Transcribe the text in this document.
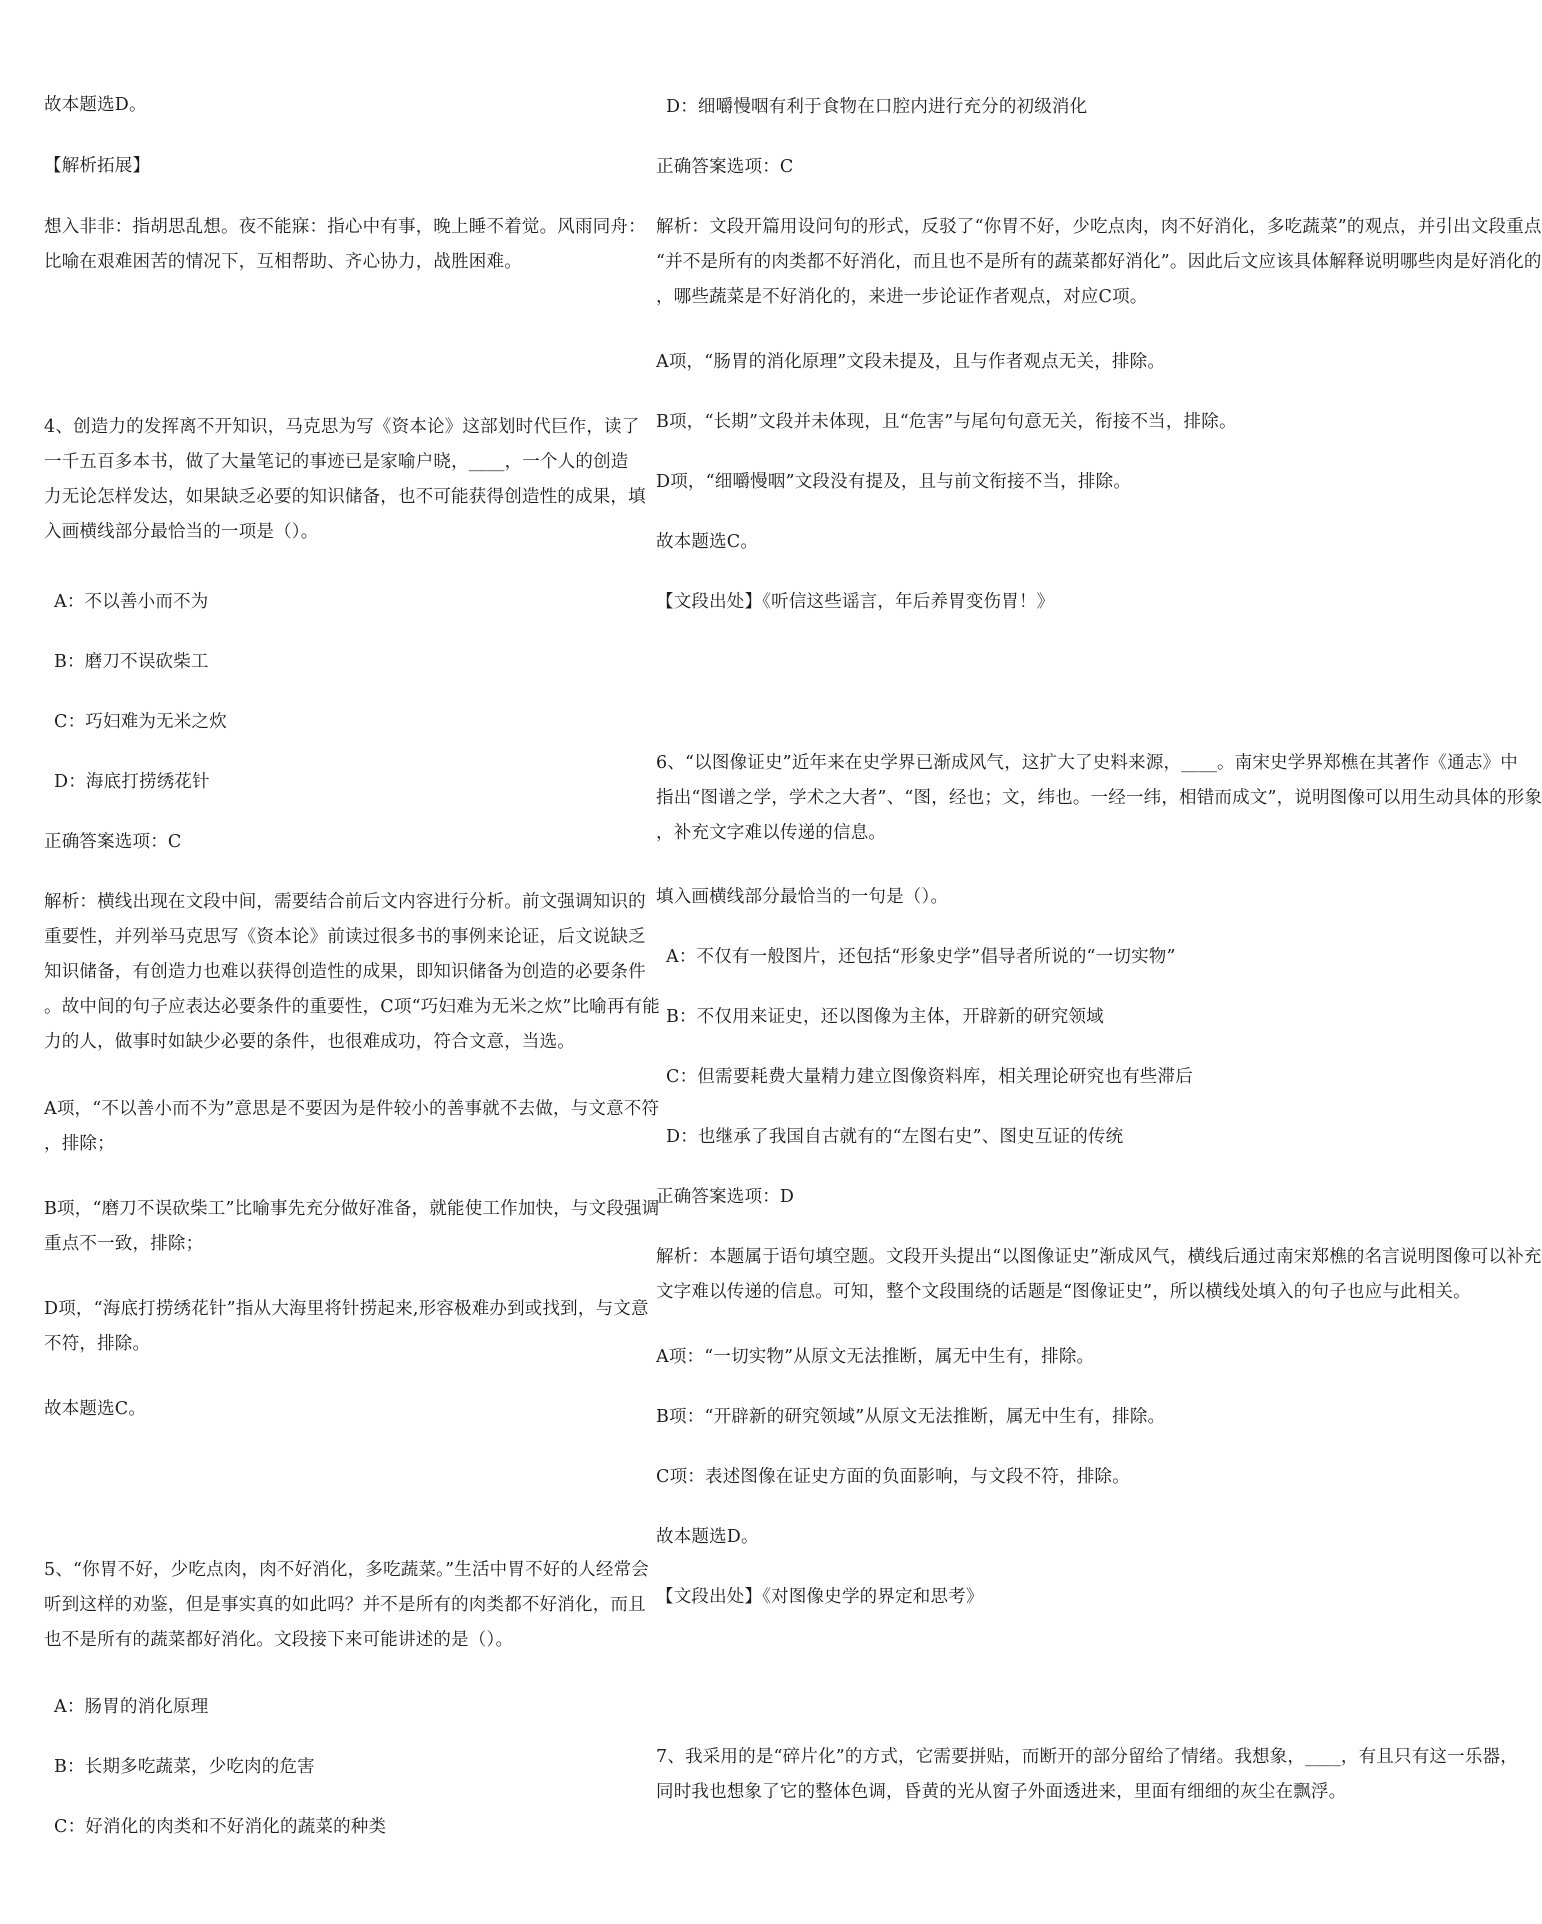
故本题选D。

【解析拓展】

想入非非：指胡思乱想。夜不能寐：指心中有事，晚上睡不着觉。风雨同舟：
比喻在艰难困苦的情况下，互相帮助、齐心协力，战胜困难。

4、创造力的发挥离不开知识，马克思为写《资本论》这部划时代巨作，读了
一千五百多本书，做了大量笔记的事迹已是家喻户晓，____，一个人的创造
力无论怎样发达，如果缺乏必要的知识储备，也不可能获得创造性的成果，填
入画横线部分最恰当的一项是（）。

A：不以善小而不为

B：磨刀不误砍柴工

C：巧妇难为无米之炊

D：海底打捞绣花针

正确答案选项：C

解析：横线出现在文段中间，需要结合前后文内容进行分析。前文强调知识的
重要性，并列举马克思写《资本论》前读过很多书的事例来论证，后文说缺乏
知识储备，有创造力也难以获得创造性的成果，即知识储备为创造的必要条件
。故中间的句子应表达必要条件的重要性，C项“巧妇难为无米之炊”比喻再有能
力的人，做事时如缺少必要的条件，也很难成功，符合文意，当选。

A项，“不以善小而不为”意思是不要因为是件较小的善事就不去做，与文意不符
，排除；

B项，“磨刀不误砍柴工”比喻事先充分做好准备，就能使工作加快，与文段强调
重点不一致，排除；

D项，“海底打捞绣花针”指从大海里将针捞起来,形容极难办到或找到，与文意
不符，排除。

故本题选C。

5、“你胃不好，少吃点肉，肉不好消化，多吃蔬菜。”生活中胃不好的人经常会
听到这样的劝鉴，但是事实真的如此吗？并不是所有的肉类都不好消化，而且
也不是所有的蔬菜都好消化。文段接下来可能讲述的是（）。

A：肠胃的消化原理

B：长期多吃蔬菜，少吃肉的危害

C：好消化的肉类和不好消化的蔬菜的种类

D：细嚼慢咽有利于食物在口腔内进行充分的初级消化

正确答案选项：C

解析：文段开篇用设问句的形式，反驳了“你胃不好，少吃点肉，肉不好消化，多吃蔬菜”的观点，并引出文段重点
“并不是所有的肉类都不好消化，而且也不是所有的蔬菜都好消化”。因此后文应该具体解释说明哪些肉是好消化的
，哪些蔬菜是不好消化的，来进一步论证作者观点，对应C项。

A项，“肠胃的消化原理”文段未提及，且与作者观点无关，排除。

B项，“长期”文段并未体现，且“危害”与尾句句意无关，衔接不当，排除。

D项，“细嚼慢咽”文段没有提及，且与前文衔接不当，排除。

故本题选C。

【文段出处】《听信这些谣言，年后养胃变伤胃！》

6、“以图像证史”近年来在史学界已渐成风气，这扩大了史料来源，____。南宋史学界郑樵在其著作《通志》中
指出“图谱之学，学术之大者”、“图，经也；文，纬也。一经一纬，相错而成文”，说明图像可以用生动具体的形象
，补充文字难以传递的信息。

填入画横线部分最恰当的一句是（）。

A：不仅有一般图片，还包括“形象史学”倡导者所说的“一切实物”

B：不仅用来证史，还以图像为主体，开辟新的研究领域

C：但需要耗费大量精力建立图像资料库，相关理论研究也有些滞后

D：也继承了我国自古就有的“左图右史”、图史互证的传统

正确答案选项：D

解析：本题属于语句填空题。文段开头提出“以图像证史”渐成风气，横线后通过南宋郑樵的名言说明图像可以补充
文字难以传递的信息。可知，整个文段围绕的话题是“图像证史”，所以横线处填入的句子也应与此相关。

A项：“一切实物”从原文无法推断，属无中生有，排除。

B项：“开辟新的研究领域”从原文无法推断，属无中生有，排除。

C项：表述图像在证史方面的负面影响，与文段不符，排除。

故本题选D。

【文段出处】《对图像史学的界定和思考》

7、我采用的是“碎片化”的方式，它需要拼贴，而断开的部分留给了情绪。我想象，____，有且只有这一乐器，
同时我也想象了它的整体色调，昏黄的光从窗子外面透进来，里面有细细的灰尘在飘浮。
